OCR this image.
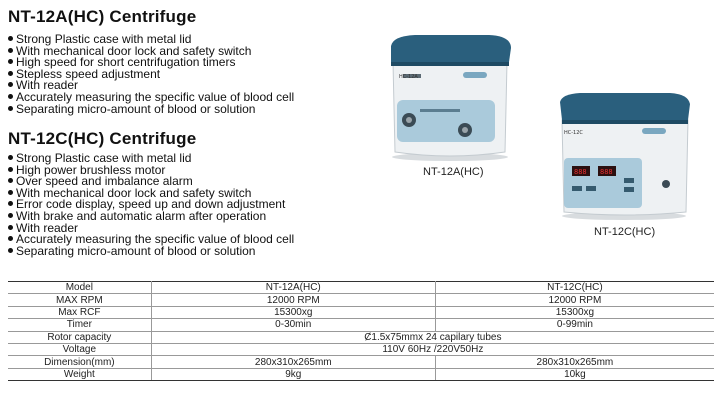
NT-12A(HC) Centrifuge
Strong Plastic case with metal lid
With mechanical door lock and safety switch
High speed for short centrifugation timers
Stepless speed adjustment
With reader
Accurately measuring the specific value of blood cell
Separating micro-amount of blood or solution
NT-12C(HC) Centrifuge
Strong Plastic case with metal lid
High power brushless motor
Over speed and imbalance alarm
With mechanical door lock and safety switch
Error code display, speed up and down adjustment
With brake and automatic alarm after operation
With reader
Accurately measuring the specific value of blood cell
Separating micro-amount of blood or solution
HC-12A
NT-12A(HC)	888 888
HC-12C
NT-12C(HC)
Model	NT-12A(HC)	NT-12C(HC)
MAX RPM	12000 RPM	12000 RPM
Max RCF	15300xg	15300xg
Timer	0-30min	0-99min
Rotor capacity	Ȼ1.5x75mmx 24 capilary tubes	
Voltage	110V 60Hz /220V50Hz	
Dimension(mm)	280x310x265mm	280x310x265mm
Weight	9kg	10kg
